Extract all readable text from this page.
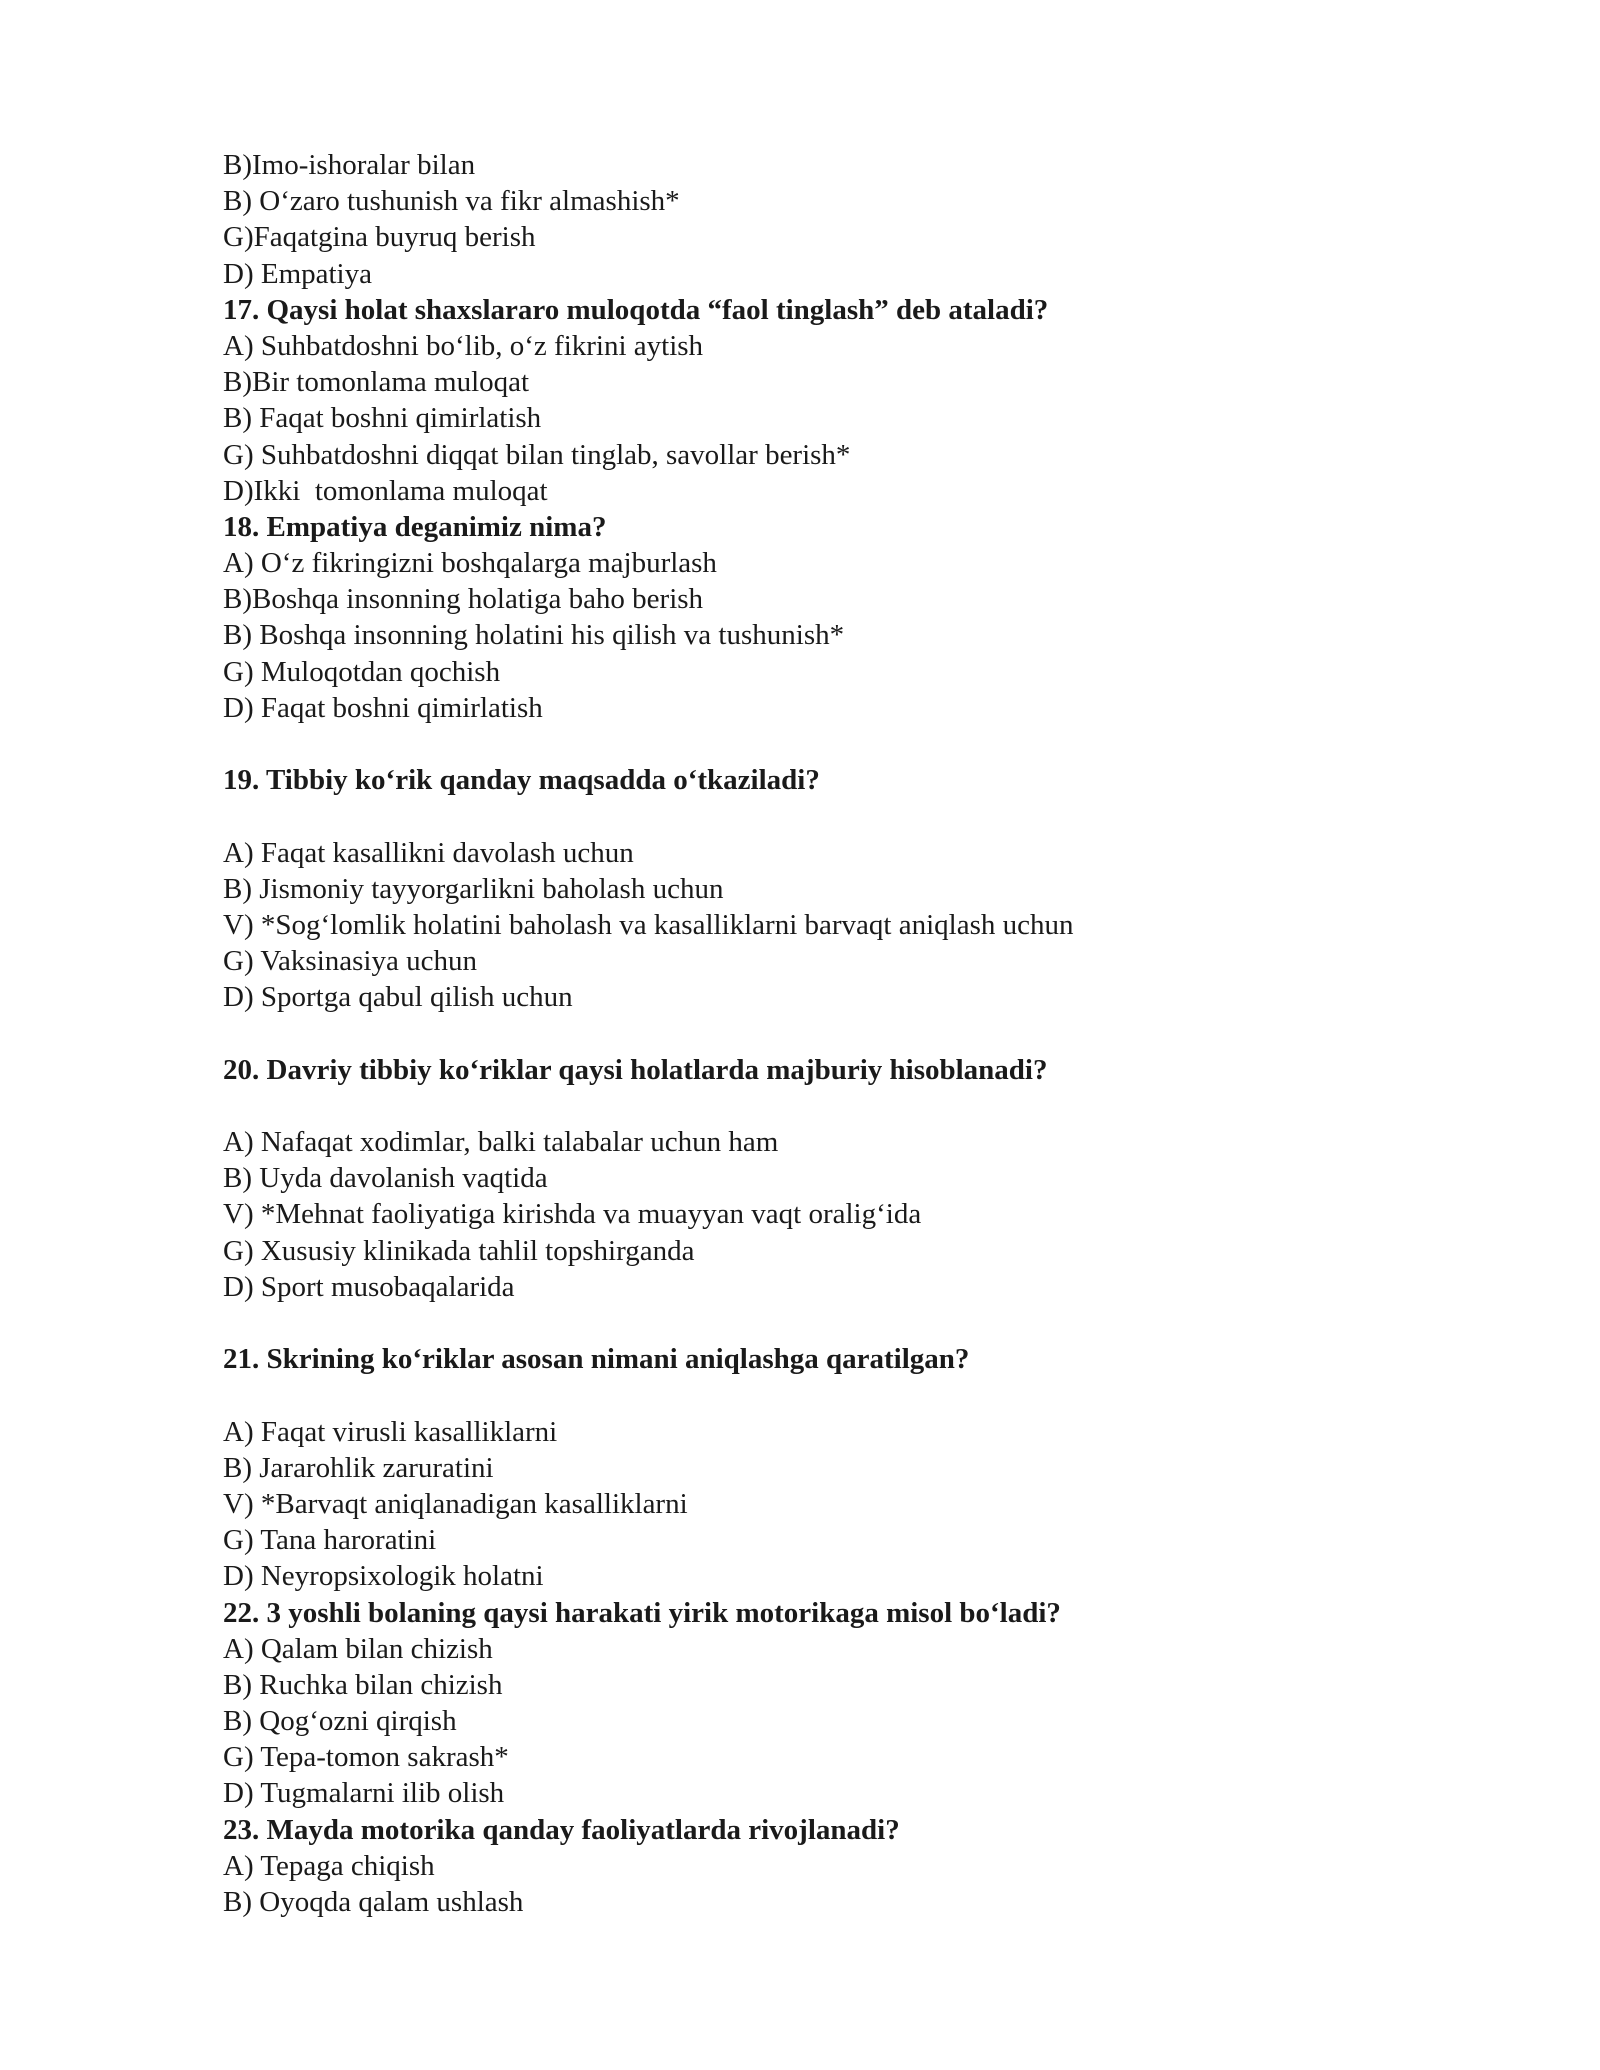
B)Imo-ishoralar bilan
B) O‘zaro tushunish va fikr almashish*
G)Faqatgina buyruq berish
D) Empatiya
17. Qaysi holat shaxslararo muloqotda “faol tinglash” deb ataladi?
A) Suhbatdoshni bo‘lib, o‘z fikrini aytish
B)Bir tomonlama muloqat
B) Faqat boshni qimirlatish
G) Suhbatdoshni diqqat bilan tinglab, savollar berish*
D)Ikki  tomonlama muloqat
18. Empatiya deganimiz nima?
A) O‘z fikringizni boshqalarga majburlash
B)Boshqa insonning holatiga baho berish
B) Boshqa insonning holatini his qilish va tushunish*
G) Muloqotdan qochish
D) Faqat boshni qimirlatish
19. Tibbiy ko‘rik qanday maqsadda o‘tkaziladi?
A) Faqat kasallikni davolash uchun
B) Jismoniy tayyorgarlikni baholash uchun
V) *Sog‘lomlik holatini baholash va kasalliklarni barvaqt aniqlash uchun
G) Vaksinasiya uchun
D) Sportga qabul qilish uchun
20. Davriy tibbiy ko‘riklar qaysi holatlarda majburiy hisoblanadi?
A) Nafaqat xodimlar, balki talabalar uchun ham
B) Uyda davolanish vaqtida
V) *Mehnat faoliyatiga kirishda va muayyan vaqt oralig‘ida
G) Xususiy klinikada tahlil topshirganda
D) Sport musobaqalarida
21. Skrining ko‘riklar asosan nimani aniqlashga qaratilgan?
A) Faqat virusli kasalliklarni
B) Jararohlik zaruratini
V) *Barvaqt aniqlanadigan kasalliklarni
G) Tana haroratini
D) Neyropsixologik holatni
22. 3 yoshli bolaning qaysi harakati yirik motorikaga misol bo‘ladi?
A) Qalam bilan chizish
B) Ruchka bilan chizish
B) Qog‘ozni qirqish
G) Tepa-tomon sakrash*
D) Tugmalarni ilib olish
23. Mayda motorika qanday faoliyatlarda rivojlanadi?
A) Tepaga chiqish
B) Oyoqda qalam ushlash
